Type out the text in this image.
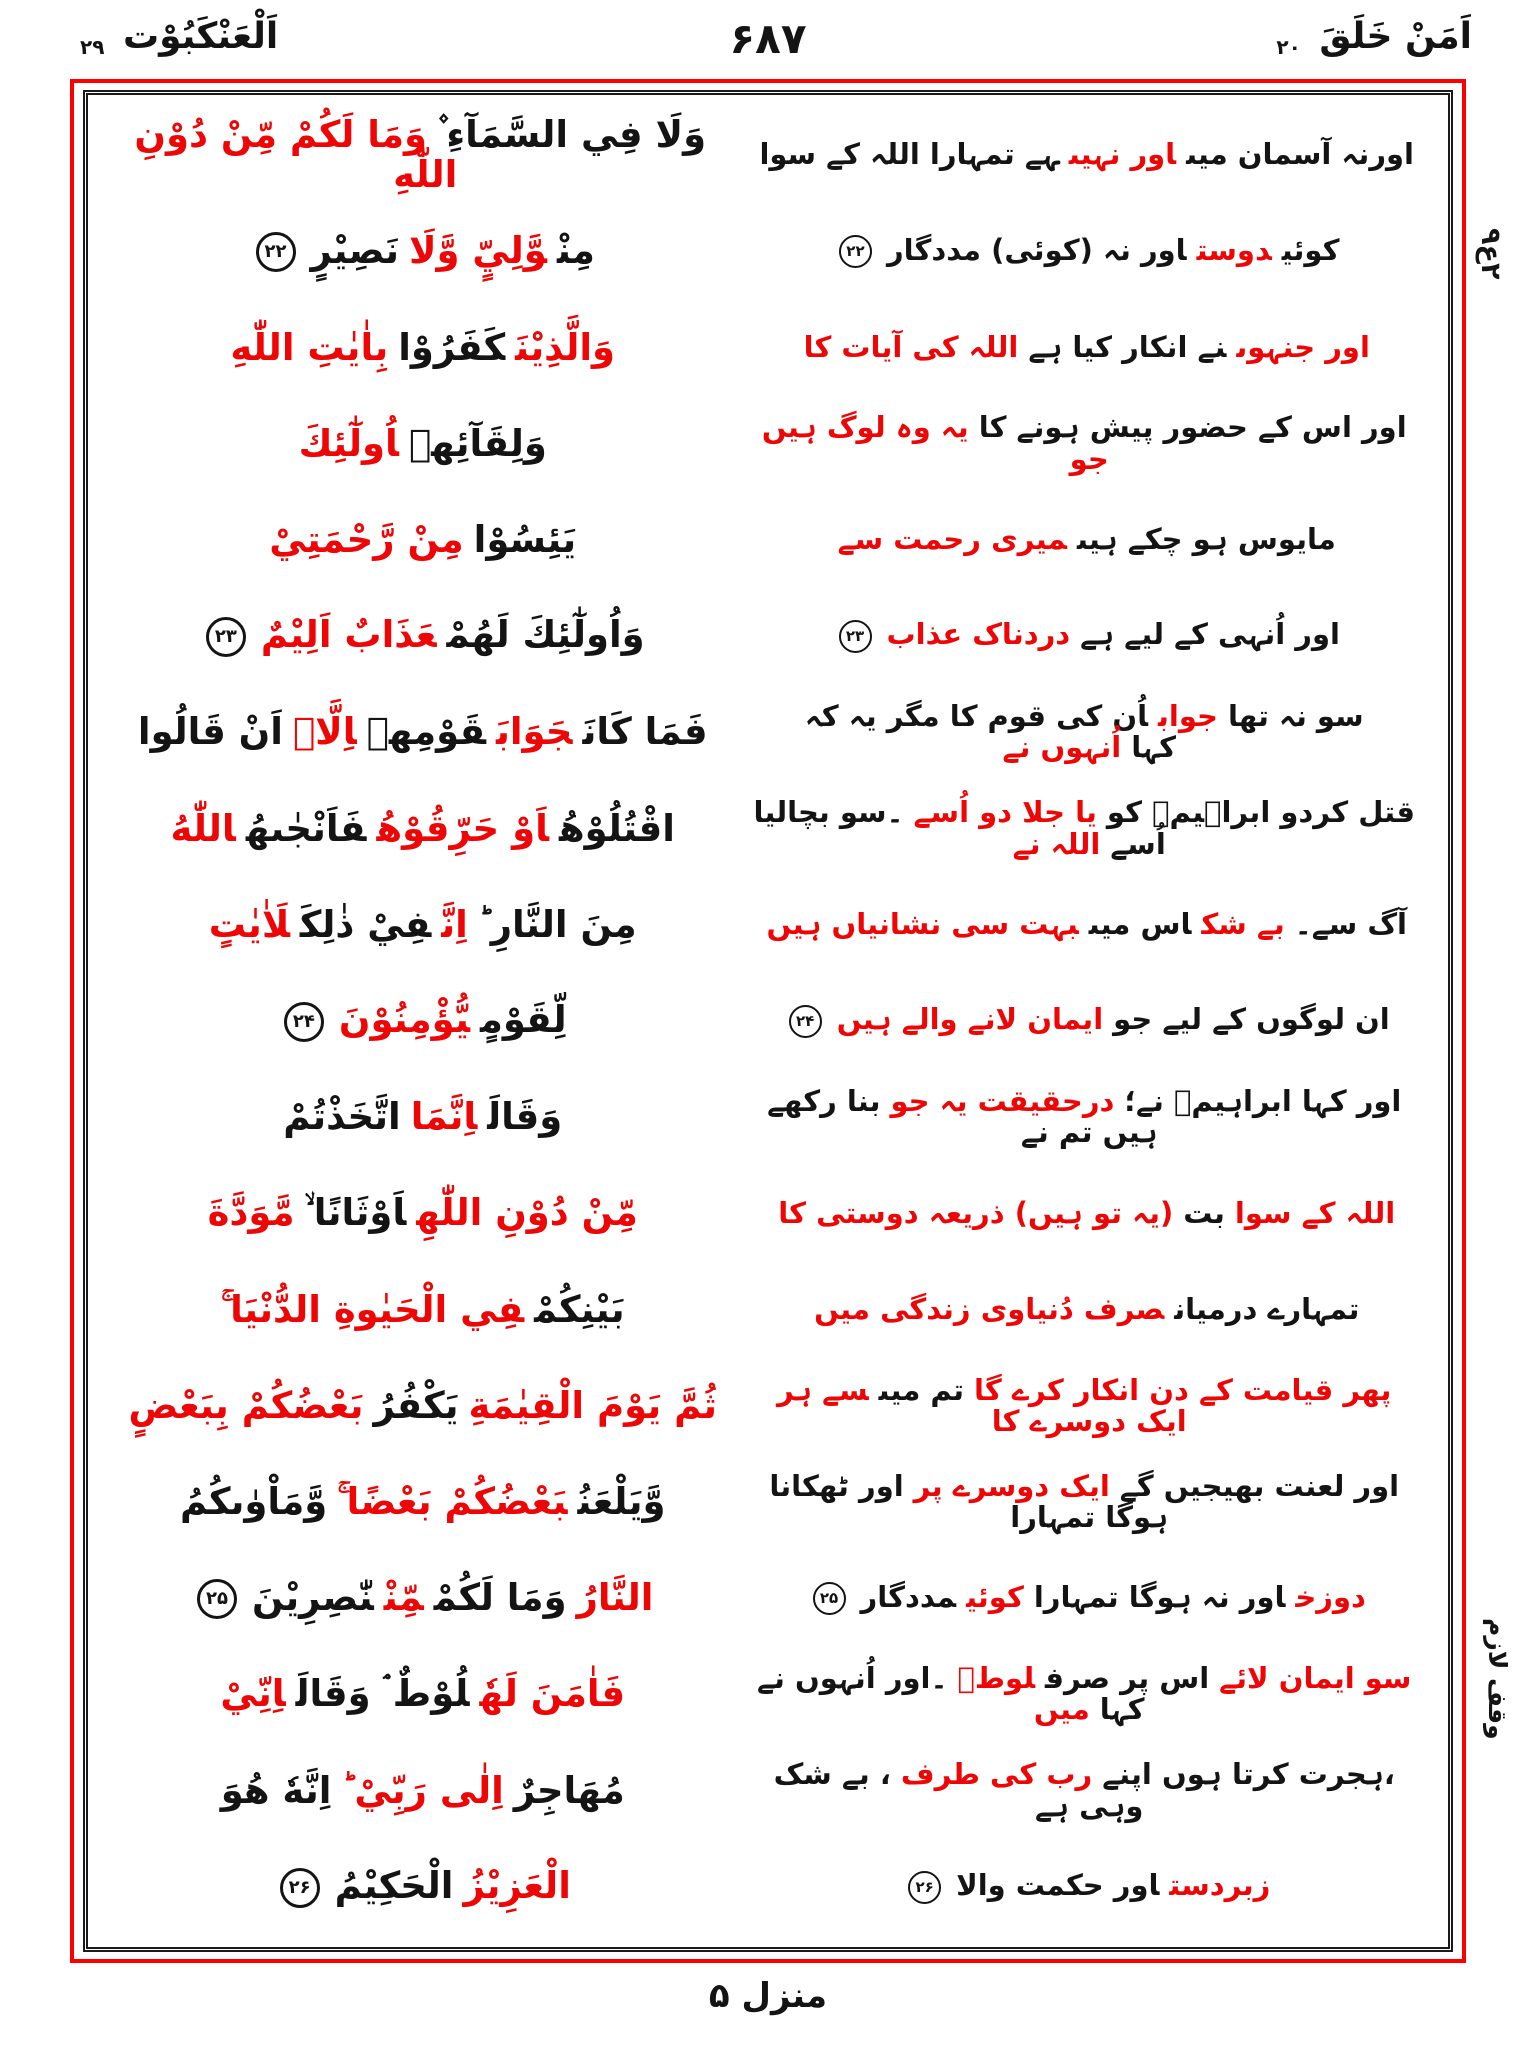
اَلْعَنْكَبُوْت ۲۹	۶۸۷	اَمَنْ خَلَقَ ۲۰
اورنہ آسمان میںاور نہیںہے تمہارا اللہ کے سوا
وَلَا فِي السَّمَآءِ ۫وَمَا لَكُمْ مِّنْ دُوْنِ اللّٰهِ
کوئیدوستاور نہ (کوئی) مددگار۲۲
مِنْوَّلِيٍّ وَّلَانَصِيْرٍ۲۲
اور جنہوںنے انکار کیا ہےاللہ کی آیات کا
وَالَّذِيْنَكَفَرُوْابِاٰيٰتِ اللّٰهِ
اور اس کے حضور پیش ہونے کایہ وہ لوگ ہیں جو
وَلِقَآئِهٖاُولٰٓئِكَ
مایوس ہو چکے ہیںمیری رحمت سے
يَئِسُوْامِنْ رَّحْمَتِيْ
اور اُنہی کے لیے ہےدردناک عذاب۲۳
وَاُولٰٓئِكَ لَهُمْعَذَابٌ اَلِيْمٌ۲۳
سو نہ تھاجواباُن کی قوم کا مگر یہ کہ کہااُنہوں نے
فَمَا كَانَجَوَابَقَوْمِهٖاِلَّاۤاَنْ قَالُوا
قتل کردو ابراہیمؑ کویا جلا دو اُسے۔سو بچالیا اُسےاللہ نے
اقْتُلُوْهُاَوْ حَرِّقُوْهُفَاَنْجٰىهُاللّٰهُ
آگ سے۔بے شکاس میںبہت سی نشانیاں ہیں
مِنَ النَّارِ ؕاِنَّفِيْ ذٰلِكَلَاٰيٰتٍ
ان لوگوں کے لیے جوایمان لانے والے ہیں۲۴
لِّقَوْمٍيُّؤْمِنُوْنَ۲۴
اور کہا ابراہیمؑ نے؛درحقیقت یہ جوبنا رکھے ہیں تم نے
وَقَالَاِنَّمَااتَّخَذْتُمْ
اللہ کے سوابت(یہ تو ہیں) ذریعہ دوستی کا
مِّنْ دُوْنِ اللّٰهِاَوْثَانًا ۙمَّوَدَّةَ
تمہارے درمیانصرف دُنیاوی زندگی میں
بَيْنِكُمْفِي الْحَيٰوةِ الدُّنْيَا ۚ
پھر قیامت کے دن انکار کرے گاتم میںسے ہر ایک دوسرے کا
ثُمَّ يَوْمَ الْقِيٰمَةِيَكْفُرُبَعْضُكُمْ بِبَعْضٍ
اور لعنت بھیجیں گےایک دوسرے پراور ٹھکانا ہوگا تمہارا
وَّيَلْعَنُبَعْضُكُمْ بَعْضًا ۚوَّمَاْوٰىكُمُ
دوزخاور نہ ہوگا تمہاراکوئیمددگار۲۵
النَّارُوَمَا لَكُمْمِّنْنّٰصِرِيْنَ۲۵
سو ایمان لائےاس پر صرفلوطؑ۔اور اُنہوں نے کہامیں
فَاٰمَنَ لَهٗلُوْطٌ ۘ وَقَالَاِنِّيْ
،ہجرت کرتا ہوں اپنےرب کی طرف، بے شک وہی ہے
مُهَاجِرٌاِلٰى رَبِّيْ ؕاِنَّهٗ هُوَ
زبردستاور حکمت والا۲۶
الْعَزِيْزُالْحَكِيْمُ۲۶
۲ع۹
وقف لازم
منزل ۵
